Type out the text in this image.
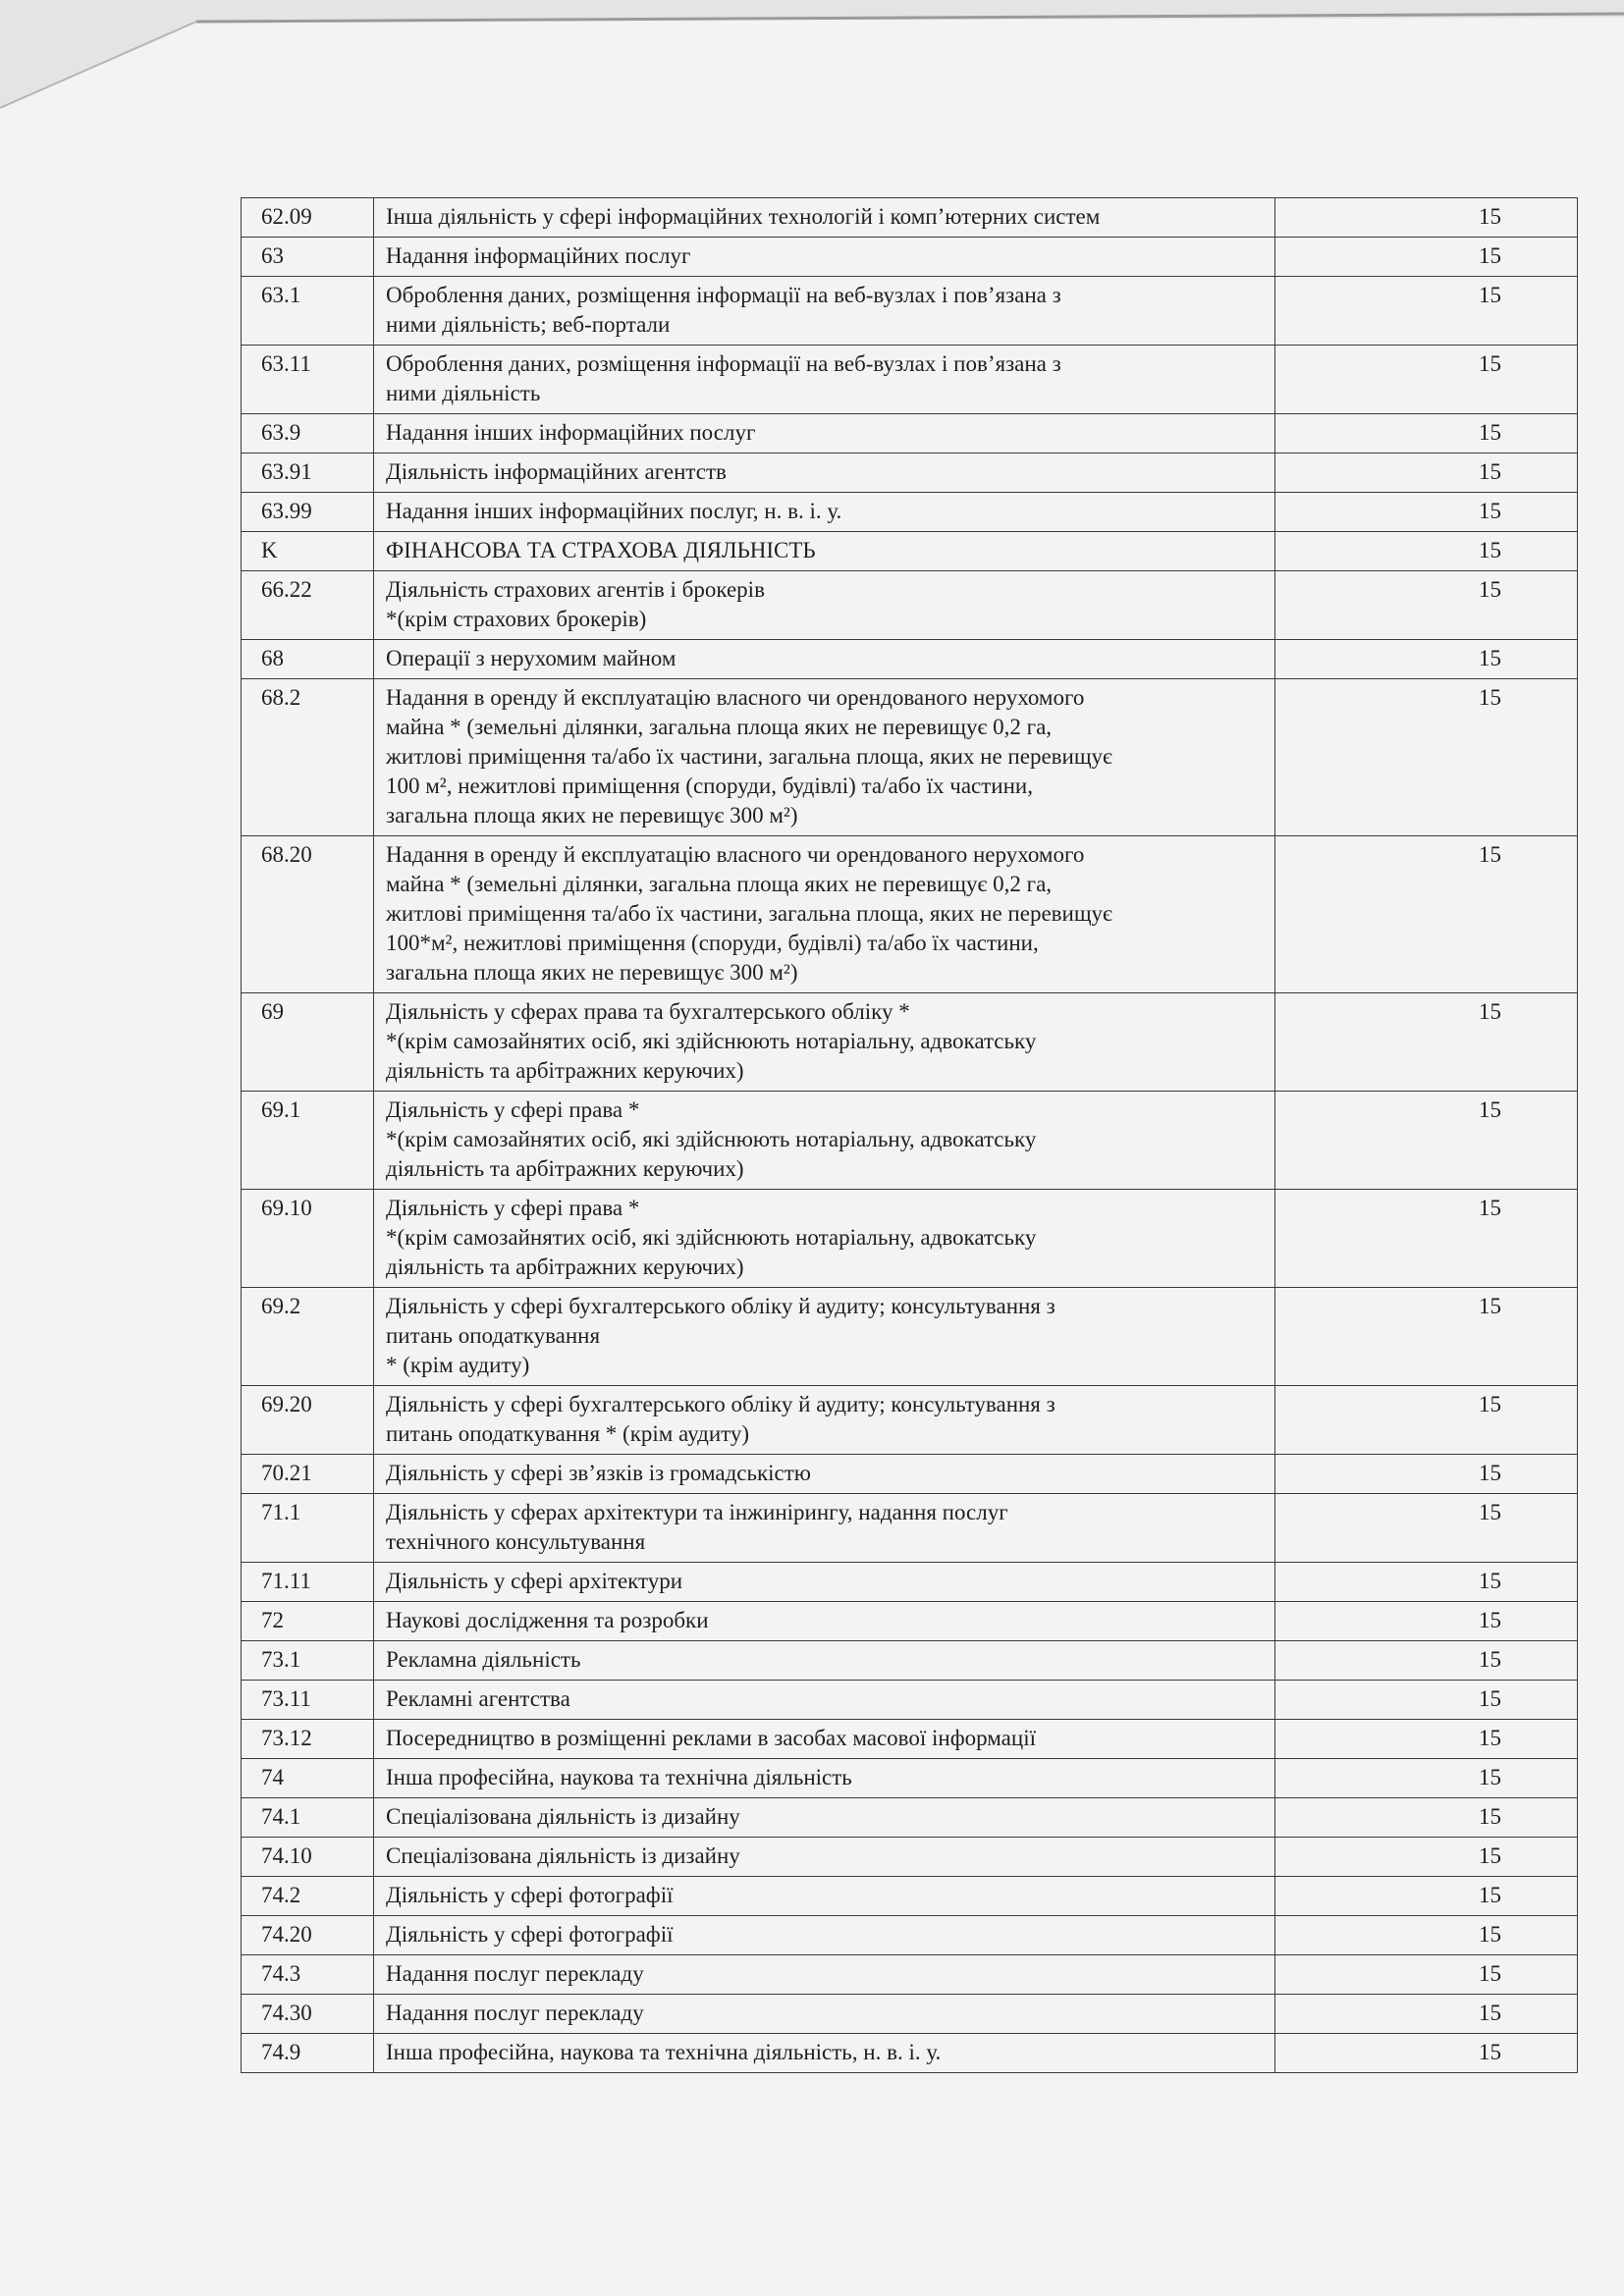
62.09	Інша діяльність у сфері інформаційних технологій і комп’ютерних систем	15
63	Надання інформаційних послуг	15
63.1	Оброблення даних, розміщення інформації на веб-вузлах і пов’язана з
ними діяльність; веб-портали	15
63.11	Оброблення даних, розміщення інформації на веб-вузлах і пов’язана з
ними діяльність	15
63.9	Надання інших інформаційних послуг	15
63.91	Діяльність інформаційних агентств	15
63.99	Надання інших інформаційних послуг, н. в. і. у.	15
K	ФІНАНСОВА ТА СТРАХОВА ДІЯЛЬНІСТЬ	15
66.22	Діяльність страхових агентів і брокерів
*(крім страхових брокерів)	15
68	Операції з нерухомим майном	15
68.2	Надання в оренду й експлуатацію власного чи орендованого нерухомого
майна * (земельні ділянки, загальна площа яких не перевищує 0,2 га,
житлові приміщення та/або їх частини, загальна площа, яких не перевищує
100 м², нежитлові приміщення (споруди, будівлі) та/або їх частини,
загальна площа яких не перевищує 300 м²)	15
68.20	Надання в оренду й експлуатацію власного чи орендованого нерухомого
майна * (земельні ділянки, загальна площа яких не перевищує 0,2 га,
житлові приміщення та/або їх частини, загальна площа, яких не перевищує
100*м², нежитлові приміщення (споруди, будівлі) та/або їх частини,
загальна площа яких не перевищує 300 м²)	15
69	Діяльність у сферах права та бухгалтерського обліку *
*(крім самозайнятих осіб, які здійснюють нотаріальну, адвокатську
діяльність та арбітражних керуючих)	15
69.1	Діяльність у сфері права *
*(крім самозайнятих осіб, які здійснюють нотаріальну, адвокатську
діяльність та арбітражних керуючих)	15
69.10	Діяльність у сфері права *
*(крім самозайнятих осіб, які здійснюють нотаріальну, адвокатську
діяльність та арбітражних керуючих)	15
69.2	Діяльність у сфері бухгалтерського обліку й аудиту; консультування з
питань оподаткування
* (крім аудиту)	15
69.20	Діяльність у сфері бухгалтерського обліку й аудиту; консультування з
питань оподаткування * (крім аудиту)	15
70.21	Діяльність у сфері зв’язків із громадськістю	15
71.1	Діяльність у сферах архітектури та інжинірингу, надання послуг
технічного консультування	15
71.11	Діяльність у сфері архітектури	15
72	Наукові дослідження та розробки	15
73.1	Рекламна діяльність	15
73.11	Рекламні агентства	15
73.12	Посередництво в розміщенні реклами в засобах масової інформації	15
74	Інша професійна, наукова та технічна діяльність	15
74.1	Спеціалізована діяльність із дизайну	15
74.10	Спеціалізована діяльність із дизайну	15
74.2	Діяльність у сфері фотографії	15
74.20	Діяльність у сфері фотографії	15
74.3	Надання послуг перекладу	15
74.30	Надання послуг перекладу	15
74.9	Інша професійна, наукова та технічна діяльність, н. в. і. у.	15
